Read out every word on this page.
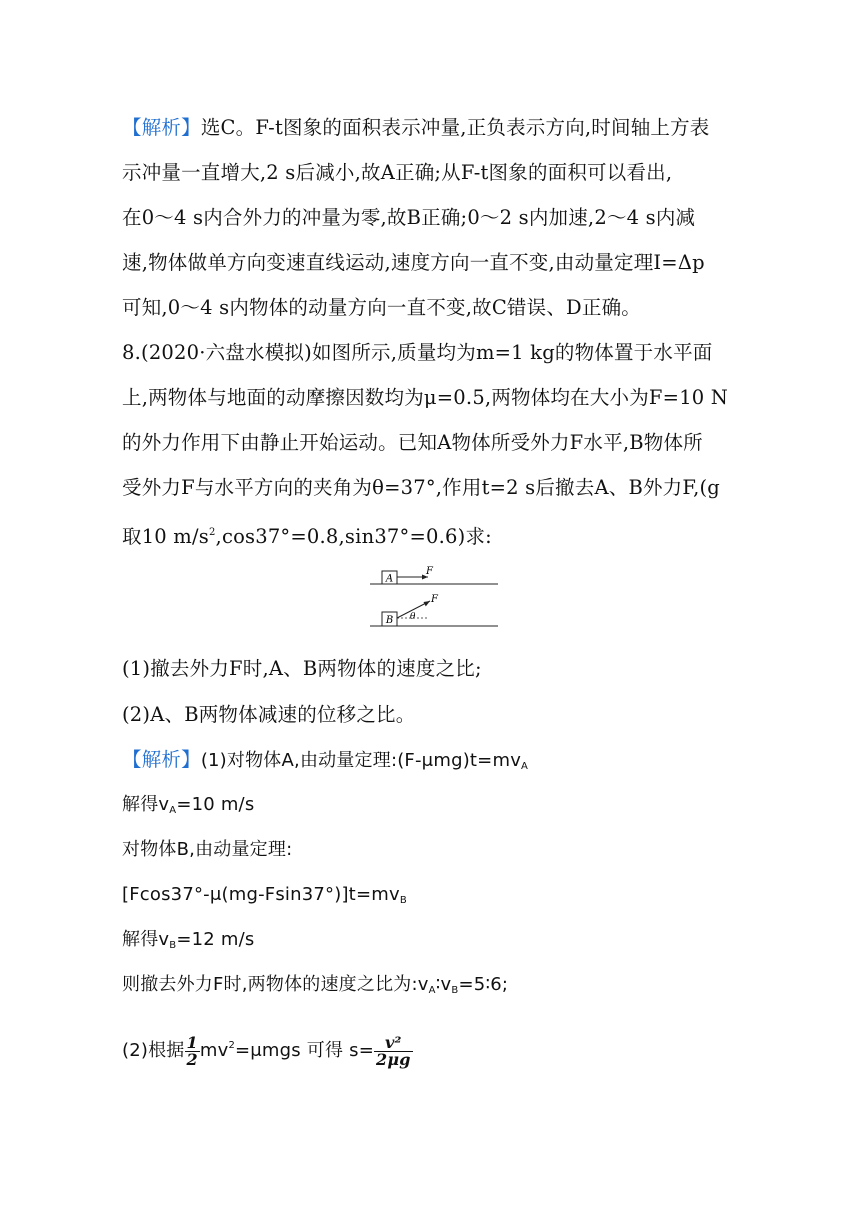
【解析】选C。F-t图象的面积表示冲量,正负表示方向,时间轴上方表
示冲量一直增大,2 s后减小,故A正确;从F-t图象的面积可以看出,
在0～4 s内合外力的冲量为零,故B正确;0～2 s内加速,2～4 s内减
速,物体做单方向变速直线运动,速度方向一直不变,由动量定理I=Δp
可知,0～4 s内物体的动量方向一直不变,故C错误、D正确。
8.(2020·六盘水模拟)如图所示,质量均为m=1 kg的物体置于水平面
上,两物体与地面的动摩擦因数均为μ=0.5,两物体均在大小为F=10 N
的外力作用下由静止开始运动。已知A物体所受外力F水平,B物体所
受外力F与水平方向的夹角为θ=37°,作用t=2 s后撤去A、B外力F,(g
取10 $m/s^2,\cos 37^\circ=0.8,\sin 37^\circ=0.6$)求:
A
F
B
F
θ
(1)撤去外力F时,A、B两物体的速度之比;
(2)A、B两物体减速的位移之比。
【解析】(1)对物体A,由动量定理$:(F-\mu mg)t=mv_A$
解得$v_A=10$ m/s
对物体B,由动量定理:
$[Fcos37^\circ-\mu(mg-Fsin37^\circ)]t=mv_B$
解得$v_B=12$ m/s
则撤去外力F时,两物体的速度之比为$:v_A∶v_B=5∶6$;
(2)根据 $\frac{1}{2} mv^2=\mu mgs$ 可得 $s= \frac{\text{v²}}{2\mu g}$
